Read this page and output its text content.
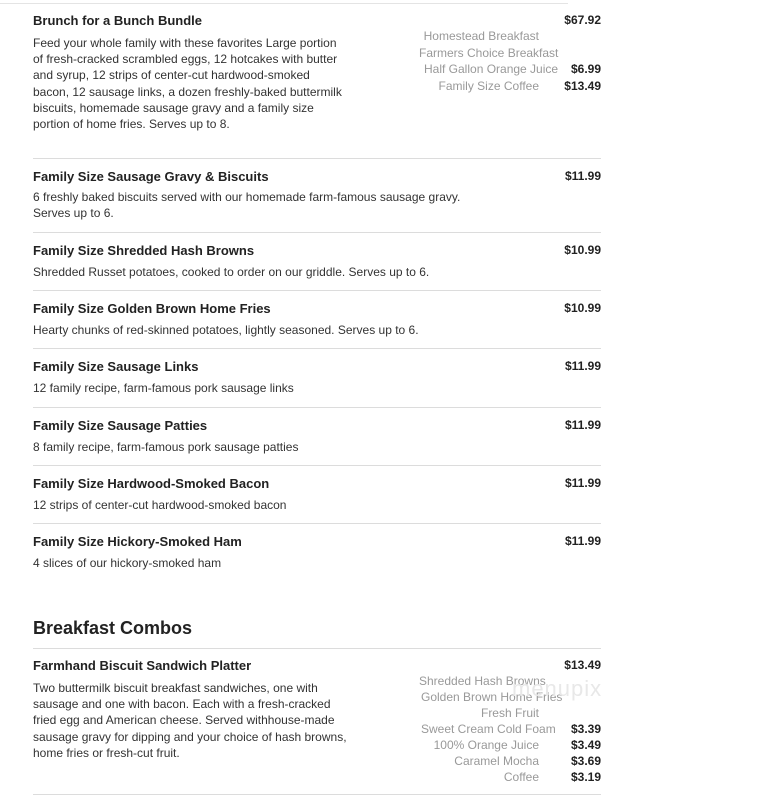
Brunch for a Bunch Bundle	$67.92
Feed your whole family with these favorites Large portion of fresh-cracked scrambled eggs, 12 hotcakes with butter and syrup, 12 strips of center-cut hardwood-smoked bacon, 12 sausage links, a dozen freshly-baked buttermilk biscuits, homemade sausage gravy and a family size portion of home fries. Serves up to 8.
Homestead Breakfast
Farmers Choice Breakfast
Half Gallon Orange Juice $6.99
Family Size Coffee $13.49
Family Size Sausage Gravy & Biscuits	$11.99
6 freshly baked biscuits served with our homemade farm-famous sausage gravy. Serves up to 6.
Family Size Shredded Hash Browns	$10.99
Shredded Russet potatoes, cooked to order on our griddle. Serves up to 6.
Family Size Golden Brown Home Fries	$10.99
Hearty chunks of red-skinned potatoes, lightly seasoned. Serves up to 6.
Family Size Sausage Links	$11.99
12 family recipe, farm-famous pork sausage links
Family Size Sausage Patties	$11.99
8 family recipe, farm-famous pork sausage patties
Family Size Hardwood-Smoked Bacon	$11.99
12 strips of center-cut hardwood-smoked bacon
Family Size Hickory-Smoked Ham	$11.99
4 slices of our hickory-smoked ham
Breakfast Combos
Farmhand Biscuit Sandwich Platter	$13.49
Two buttermilk biscuit breakfast sandwiches, one with sausage and one with bacon. Each with a fresh-cracked fried egg and American cheese. Served withhouse-made sausage gravy for dipping and your choice of hash browns, home fries or fresh-cut fruit.
Shredded Hash Browns
Golden Brown Home Fries
Fresh Fruit
Sweet Cream Cold Foam $3.39
100% Orange Juice	$3.49
Caramel Mocha	$3.69
Coffee	$3.19
menupix
